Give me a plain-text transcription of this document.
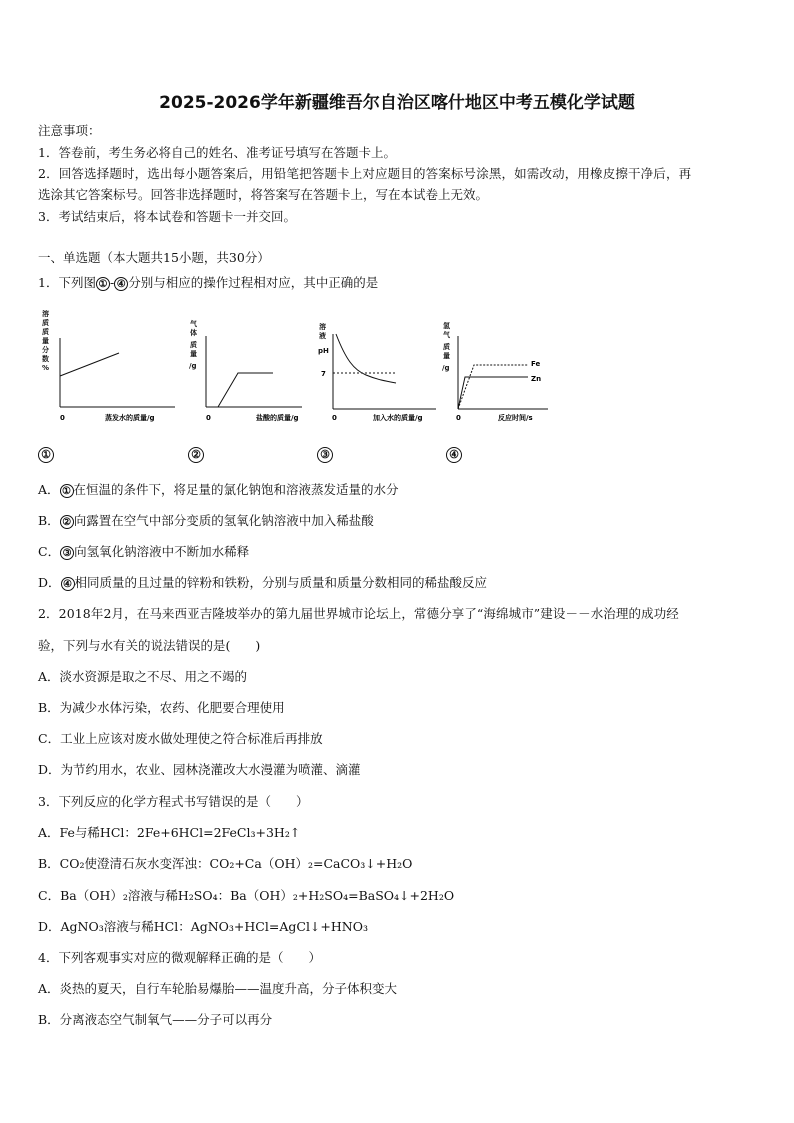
2025-2026学年新疆维吾尔自治区喀什地区中考五模化学试题
注意事项：
1．答卷前，考生务必将自己的姓名、准考证号填写在答题卡上。
2．回答选择题时，选出每小题答案后，用铅笔把答题卡上对应题目的答案标号涂黑，如需改动，用橡皮擦干净后，再
选涂其它答案标号。回答非选择题时，将答案写在答题卡上，写在本试卷上无效。
3．考试结束后，将本试卷和答题卡一并交回。
一、单选题（本大题共15小题，共30分）
1．下列图 ① - ④ 分别与相应的操作过程相对应，其中正确的是
溶
质
质
量
分
数
%
0	蒸发水的质量/g
气
体
质
量
/g
0	盐酸的质量/g
溶
液
pH
7
0	加入水的质量/g
氢
气
质
量
/g	Fe
Zn
0	反应时间/s
①	②	③	④
A． ① 在恒温的条件下，将足量的氯化钠饱和溶液蒸发适量的水分
B． ② 向露置在空气中部分变质的氢氧化钠溶液中加入稀盐酸
C． ③ 向氢氧化钠溶液中不断加水稀释
D． ④ 相同质量的且过量的锌粉和铁粉，分别与质量和质量分数相同的稀盐酸反应
2．2018年2月，在马来西亚吉隆坡举办的第九届世界城市论坛上，常德分享了“海绵城市”建设－－水治理的成功经
验，下列与水有关的说法错误的是(　　)
A．淡水资源是取之不尽、用之不竭的
B．为减少水体污染，农药、化肥要合理使用
C．工业上应该对废水做处理使之符合标准后再排放
D．为节约用水，农业、园林浇灌改大水漫灌为喷灌、滴灌
3．下列反应的化学方程式书写错误的是（　　）
A．Fe与稀HCl：2Fe+6HCl=2FeCl₃+3H₂↑
B．CO₂使澄清石灰水变浑浊：CO₂+Ca（OH）₂=CaCO₃↓+H₂O
C．Ba（OH）₂溶液与稀H₂SO₄：Ba（OH）₂+H₂SO₄=BaSO₄↓+2H₂O
D．AgNO₃溶液与稀HCl：AgNO₃+HCl=AgCl↓+HNO₃
4．下列客观事实对应的微观解释正确的是（　　）
A．炎热的夏天，自行车轮胎易爆胎——温度升高，分子体积变大
B．分离液态空气制氧气——分子可以再分
